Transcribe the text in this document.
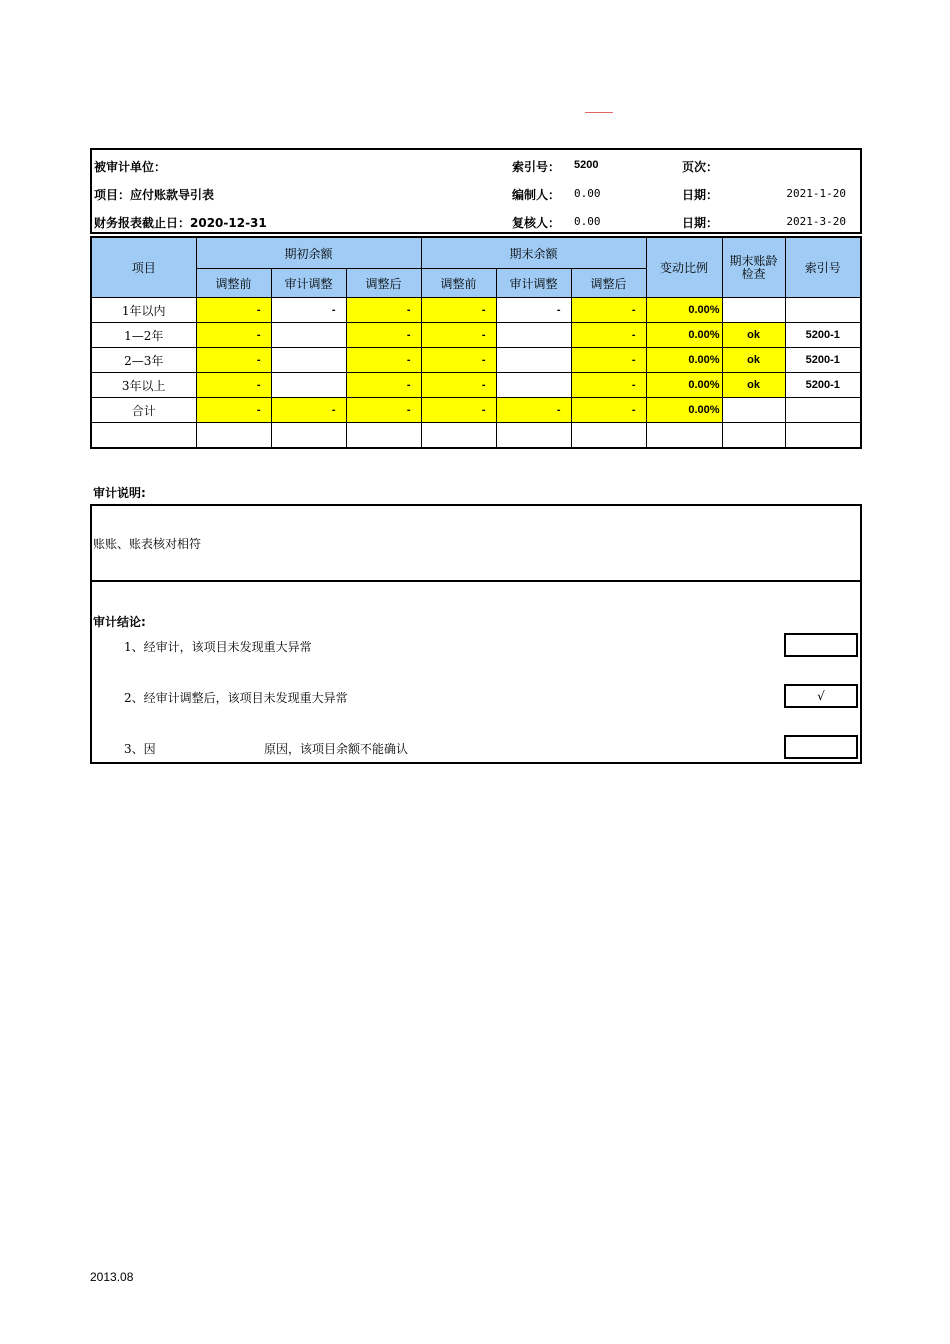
被审计单位：
项目：应付账款导引表
财务报表截止日：2020-12-31
索引号： 5200
编制人： 0.00
复核人： 0.00
页次：
日期：	2021-1-20
日期：	2021-3-20
项目	期初余额			期末余额			变动比例	期末账龄检查	索引号
	调整前	审计调整	调整后	调整前	审计调整	调整后			
1年以内	-	-	-	-	-	-	0.00%		
1—2年	-		-	-		-	0.00%	ok	5200-1
2—3年	-		-	-		-	0.00%	ok	5200-1
3年以上	-		-	-		-	0.00%	ok	5200-1
合计	-	-	-	-	-	-	0.00%		

审计说明:
账账、账表核对相符
审计结论:
1、经审计，该项目未发现重大异常
2、经审计调整后，该项目未发现重大异常	√
3、因	原因，该项目余额不能确认
2013.08
